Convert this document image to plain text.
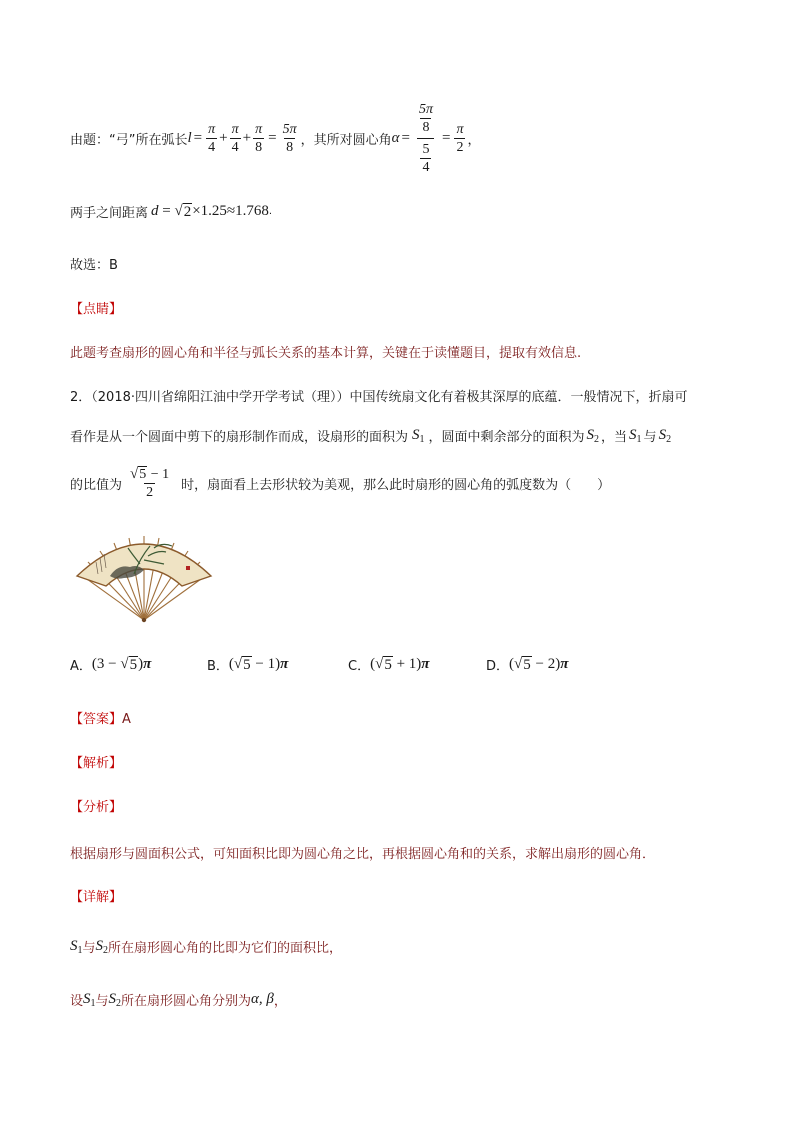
由题：“弓”所在弧长 $l = \frac{\pi}{4} + \frac{\pi}{4} + \frac{\pi}{8} = \frac{5\pi}{8}$ ，其所对圆心角 $\alpha = \frac{\frac{5\pi}{8}}{\frac{5}{4}} = \frac{\pi}{2}$ ，
两手之间距离 d = √ 2 ×1.25≈1.768 .
故选：B
【点睛】
此题考查扇形的圆心角和半径与弧长关系的基本计算，关键在于读懂题目，提取有效信息.
2．（2018·四川省绵阳江油中学开学考试（理））中国传统扇文化有着极其深厚的底蕴．一般情况下，折扇可
看作是从一个圆面中剪下的扇形制作而成，设扇形的面积为 $S_1$ ，圆面中剩余部分的面积为 $S_2$ ，当 $S_1$ 与 $S_2$
的比值为 $\frac{√ 5 - 1}{2}$ 时，扇面看上去形状较为美观，那么此时扇形的圆心角的弧度数为（　　）
A． (3 − √ 5 ) π	B． ( √ 5 − 1) π	C． ( √ 5 + 1) π	D． ( √ 5 − 2) π
【答案】A
【解析】
【分析】
根据扇形与圆面积公式，可知面积比即为圆心角之比，再根据圆心角和的关系，求解出扇形的圆心角．
【详解】
$S_1$ 与 $S_2$ 所在扇形圆心角的比即为它们的面积比，
设 $S_1$ 与 $S_2$ 所在扇形圆心角分别为 α, β ，
